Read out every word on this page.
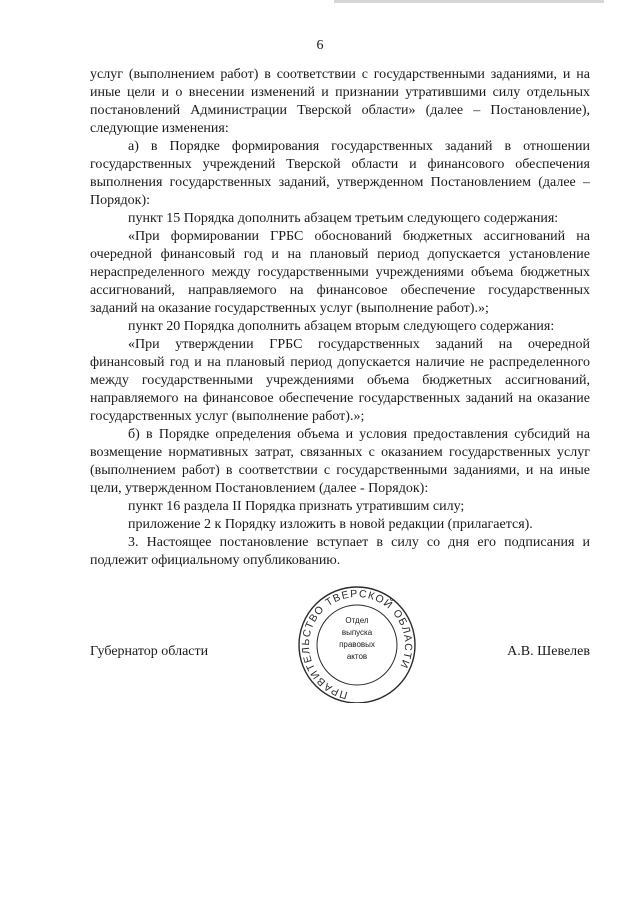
6

услуг (выполнением работ) в соответствии с государственными заданиями, и на иные цели и о внесении изменений и признании утратившими силу отдельных постановлений Администрации Тверской области» (далее – Постановление), следующие изменения:

а) в Порядке формирования государственных заданий в отношении государственных учреждений Тверской области и финансового обеспечения выполнения государственных заданий, утвержденном Постановлением (далее – Порядок):

пункт 15 Порядка дополнить абзацем третьим следующего содержания:

«При формировании ГРБС обоснований бюджетных ассигнований на очередной финансовый год и на плановый период допускается установление нераспределенного между государственными учреждениями объема бюджетных ассигнований, направляемого на финансовое обеспечение государственных заданий на оказание государственных услуг (выполнение работ).»;

пункт 20 Порядка дополнить абзацем вторым следующего содержания:

«При утверждении ГРБС государственных заданий на очередной финансовый год и на плановый период допускается наличие не распределенного между государственными учреждениями объема бюджетных ассигнований, направляемого на финансовое обеспечение государственных заданий на оказание государственных услуг (выполнение работ).»;

б) в Порядке определения объема и условия предоставления субсидий на возмещение нормативных затрат, связанных с оказанием государственных услуг (выполнением работ) в соответствии с государственными заданиями, и на иные цели, утвержденном Постановлением (далее - Порядок):

пункт 16 раздела II Порядка признать утратившим силу;

приложение 2 к Порядку изложить в новой редакции (прилагается).

3. Настоящее постановление вступает в силу со дня его подписания и подлежит официальному опубликованию.

Губернатор области	А.В. Шевелев
ПРАВИТЕЛЬСТВО ТВЕРСКОЙ ОБЛАСТИ
Отдел
выпуска
правовых
актов
